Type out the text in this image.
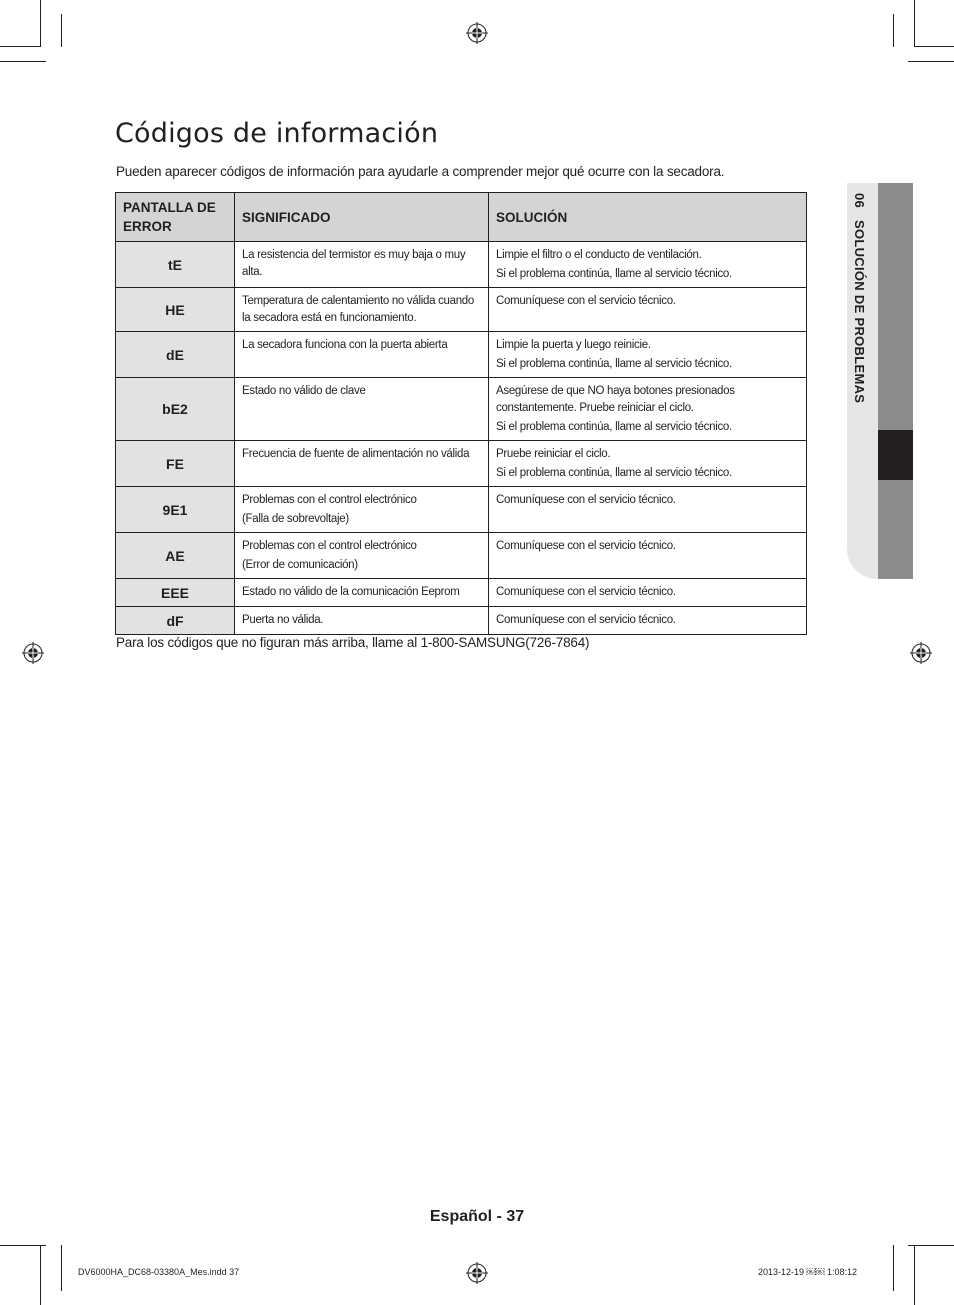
06 SOLUCIÓN DE PROBLEMAS
Códigos de información

Pueden aparecer códigos de información para ayudarle a comprender mejor qué ocurre con la secadora.

PANTALLA DE ERROR	SIGNIFICADO	SOLUCIÓN
tE	La resistencia del termistor es muy baja o muy alta.	Limpie el filtro o el conducto de ventilación.
Si el problema continúa, llame al servicio técnico.

HE	Temperatura de calentamiento no válida cuando la secadora está en funcionamiento.	Comuníquese con el servicio técnico.

dE	La secadora funciona con la puerta abierta	Limpie la puerta y luego reinicie.
Si el problema continúa, llame al servicio técnico.

bE2	Estado no válido de clave	Asegúrese de que NO haya botones presionados constantemente. Pruebe reiniciar el ciclo.
Si el problema continúa, llame al servicio técnico.

FE	Frecuencia de fuente de alimentación no válida	Pruebe reiniciar el ciclo.
Si el problema continúa, llame al servicio técnico.

9E1	Problemas con el control electrónico
(Falla de sobrevoltaje)	Comuníquese con el servicio técnico.

AE	Problemas con el control electrónico
(Error de comunicación)	Comuníquese con el servicio técnico.

EEE	Estado no válido de la comunicación Eeprom	Comuníquese con el servicio técnico.

dF	Puerta no válida.	Comuníquese con el servicio técnico.

Para los códigos que no figuran más arriba, llame al 1-800-SAMSUNG(726-7864)

Español - 37

DV6000HA_DC68-03380A_Mes.indd 37	2013-12-19 ￼￼ 1:08:12
